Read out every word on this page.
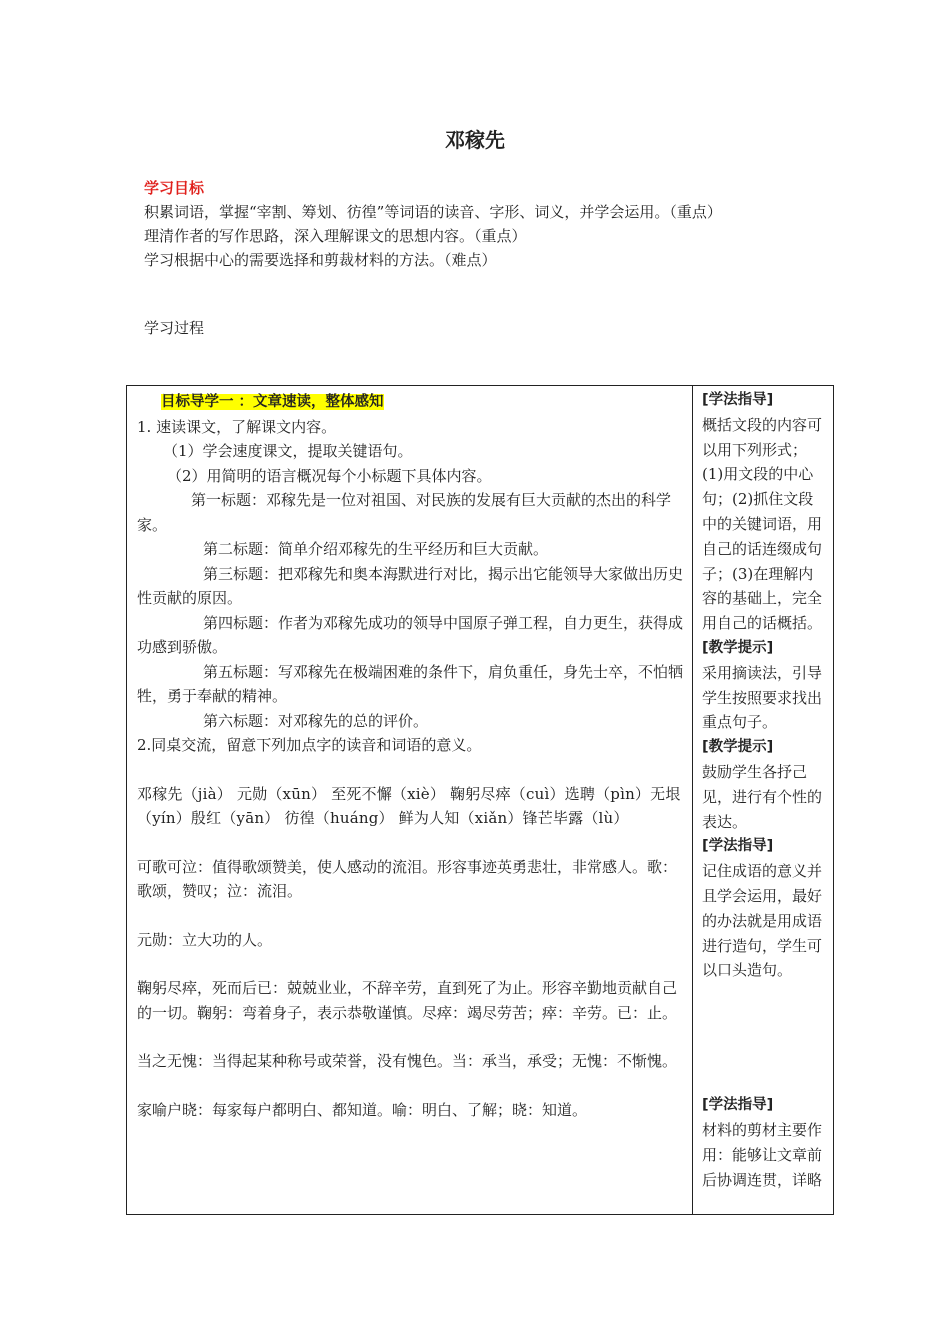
邓稼先
学习目标
积累词语，掌握“宰割、筹划、彷徨”等词语的读音、字形、词义，并学会运用。（重点）
理清作者的写作思路，深入理解课文的思想内容。（重点）
学习根据中心的需要选择和剪裁材料的方法。（难点）
学习过程
目标导学一 ：文章速读，整体感知
1. 速读课文，了解课文内容。
（1）学会速度课文，提取关键语句。
（2）用简明的语言概况每个小标题下具体内容。
第一标题：邓稼先是一位对祖国、对民族的发展有巨大贡献的杰出的科学家。
第二标题：简单介绍邓稼先的生平经历和巨大贡献。
第三标题：把邓稼先和奥本海默进行对比，揭示出它能领导大家做出历史性贡献的原因。
第四标题：作者为邓稼先成功的领导中国原子弹工程，自力更生，获得成功感到骄傲。
第五标题：写邓稼先在极端困难的条件下，肩负重任，身先士卒，不怕牺牲，勇于奉献的精神。
第六标题：对邓稼先的总的评价。
2.同桌交流，留意下列加点字的读音和词语的意义。
邓稼先（jià） 元勋（xūn） 至死不懈（xiè） 鞠躬尽瘁（cuì）选聘（pìn）无垠（yín）殷红（yān） 彷徨（huáng） 鲜为人知（xiǎn）锋芒毕露（lù）
可歌可泣：值得歌颂赞美，使人感动的流泪。形容事迹英勇悲壮，非常感人。歌：歌颂，赞叹；泣：流泪。
元勋：立大功的人。
鞠躬尽瘁，死而后已：兢兢业业，不辞辛劳，直到死了为止。形容辛勤地贡献自己的一切。鞠躬：弯着身子，表示恭敬谨慎。尽瘁：竭尽劳苦；瘁：辛劳。已：止。
当之无愧：当得起某种称号或荣誉，没有愧色。当：承当，承受；无愧：不惭愧。
家喻户晓：每家每户都明白、都知道。喻：明白、了解；晓：知道。

[学法指导]
概括文段的内容可以用下列形式；(1)用文段的中心句；(2)抓住文段中的关键词语，用自己的话连缀成句子；(3)在理解内容的基础上，完全用自己的话概括。
[教学提示]
采用摘读法，引导学生按照要求找出重点句子。
[教学提示]
鼓励学生各抒己见，进行有个性的表达。
[学法指导]
记住成语的意义并且学会运用，最好的办法就是用成语进行造句，学生可以口头造句。
[学法指导]
材料的剪材主要作用：能够让文章前后协调连贯，详略
